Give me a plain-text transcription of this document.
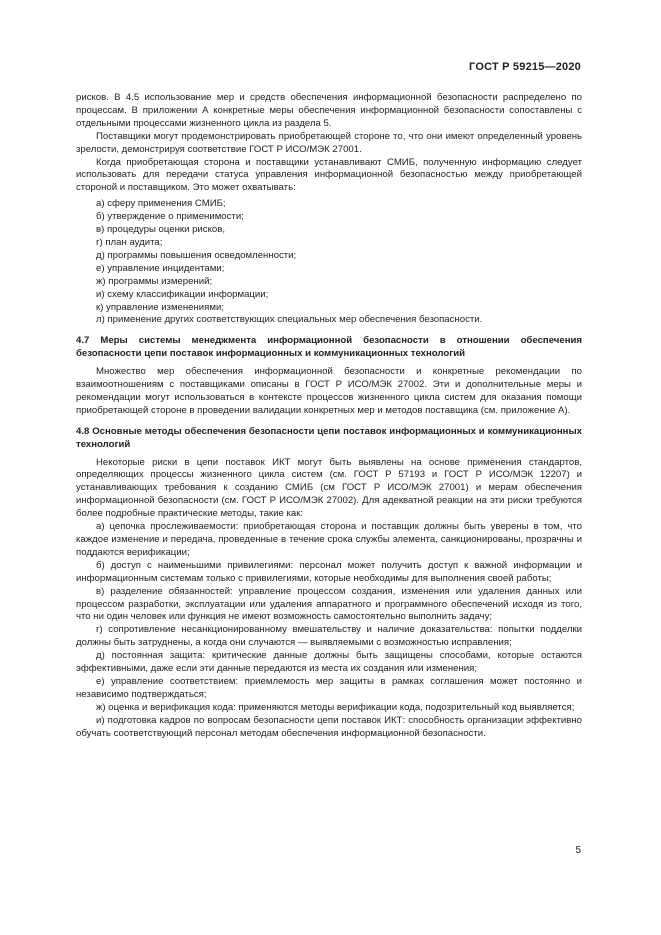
ГОСТ Р 59215—2020

рисков. В 4.5 использование мер и средств обеспечения информационной безопасности распределено по процессам. В приложении А конкретные меры обеспечения информационной безопасности сопоставлены с отдельными процессами жизненного цикла из раздела 5.

Поставщики могут продемонстрировать приобретающей стороне то, что они имеют определенный уровень зрелости, демонстрируя соответствие ГОСТ Р ИСО/МЭК 27001.

Когда приобретающая сторона и поставщики устанавливают СМИБ, полученную информацию следует использовать для передачи статуса управления информационной безопасностью между приобретающей стороной и поставщиком. Это может охватывать:

а) сферу применения СМИБ;
б) утверждение о применимости;
в) процедуры оценки рисков,
г) план аудита;
д) программы повышения осведомленности;
е) управление инцидентами;
ж) программы измерений;
и) схему классификации информации;
к) управление изменениями;
л) применение других соответствующих специальных мер обеспечения безопасности.

4.7 Меры системы менеджмента информационной безопасности в отношении обеспечения безопасности цепи поставок информационных и коммуникационных технологий

Множество мер обеспечения информационной безопасности и конкретные рекомендации по взаимоотношениям с поставщиками описаны в ГОСТ Р ИСО/МЭК 27002. Эти и дополнительные меры и рекомендации могут использоваться в контексте процессов жизненного цикла систем для оказания помощи приобретающей стороне в проведении валидации конкретных мер и методов поставщика (см. приложение А).

4.8 Основные методы обеспечения безопасности цепи поставок информационных и коммуникационных технологий

Некоторые риски в цепи поставок ИКТ могут быть выявлены на основе применения стандартов, определяющих процессы жизненного цикла систем (см. ГОСТ Р 57193 и ГОСТ Р ИСО/МЭК 12207) и устанавливающих требования к созданию СМИБ (см ГОСТ Р ИСО/МЭК 27001) и мерам обеспечения информационной безопасности (см. ГОСТ Р ИСО/МЭК 27002). Для адекватной реакции на эти риски требуются более подробные практические методы, такие как:

а) цепочка прослеживаемости: приобретающая сторона и поставщик должны быть уверены в том, что каждое изменение и передача, проведенные в течение срока службы элемента, санкционированы, прозрачны и поддаются верификации;

б) доступ с наименьшими привилегиями: персонал может получить доступ к важной информации и информационным системам только с привилегиями, которые необходимы для выполнения своей работы;

в) разделение обязанностей: управление процессом создания, изменения или удаления данных или процессом разработки, эксплуатации или удаления аппаратного и программного обеспечений исходя из того, что ни один человек или функция не имеют возможность самостоятельно выполнить задачу;

г) сопротивление несанкционированному вмешательству и наличие доказательства: попытки подделки должны быть затруднены, а когда они случаются — выявляемыми с возможностью исправления;

д) постоянная защита: критические данные должны быть защищены способами, которые остаются эффективными, даже если эти данные передаются из места их создания или изменения;

е) управление соответствием: приемлемость мер защиты в рамках соглашения может постоянно и независимо подтверждаться;

ж) оценка и верификация кода: применяются методы верификации кода, подозрительный код выявляется;

и) подготовка кадров по вопросам безопасности цепи поставок ИКТ: способность организации эффективно обучать соответствующий персонал методам обеспечения информационной безопасности.

5
